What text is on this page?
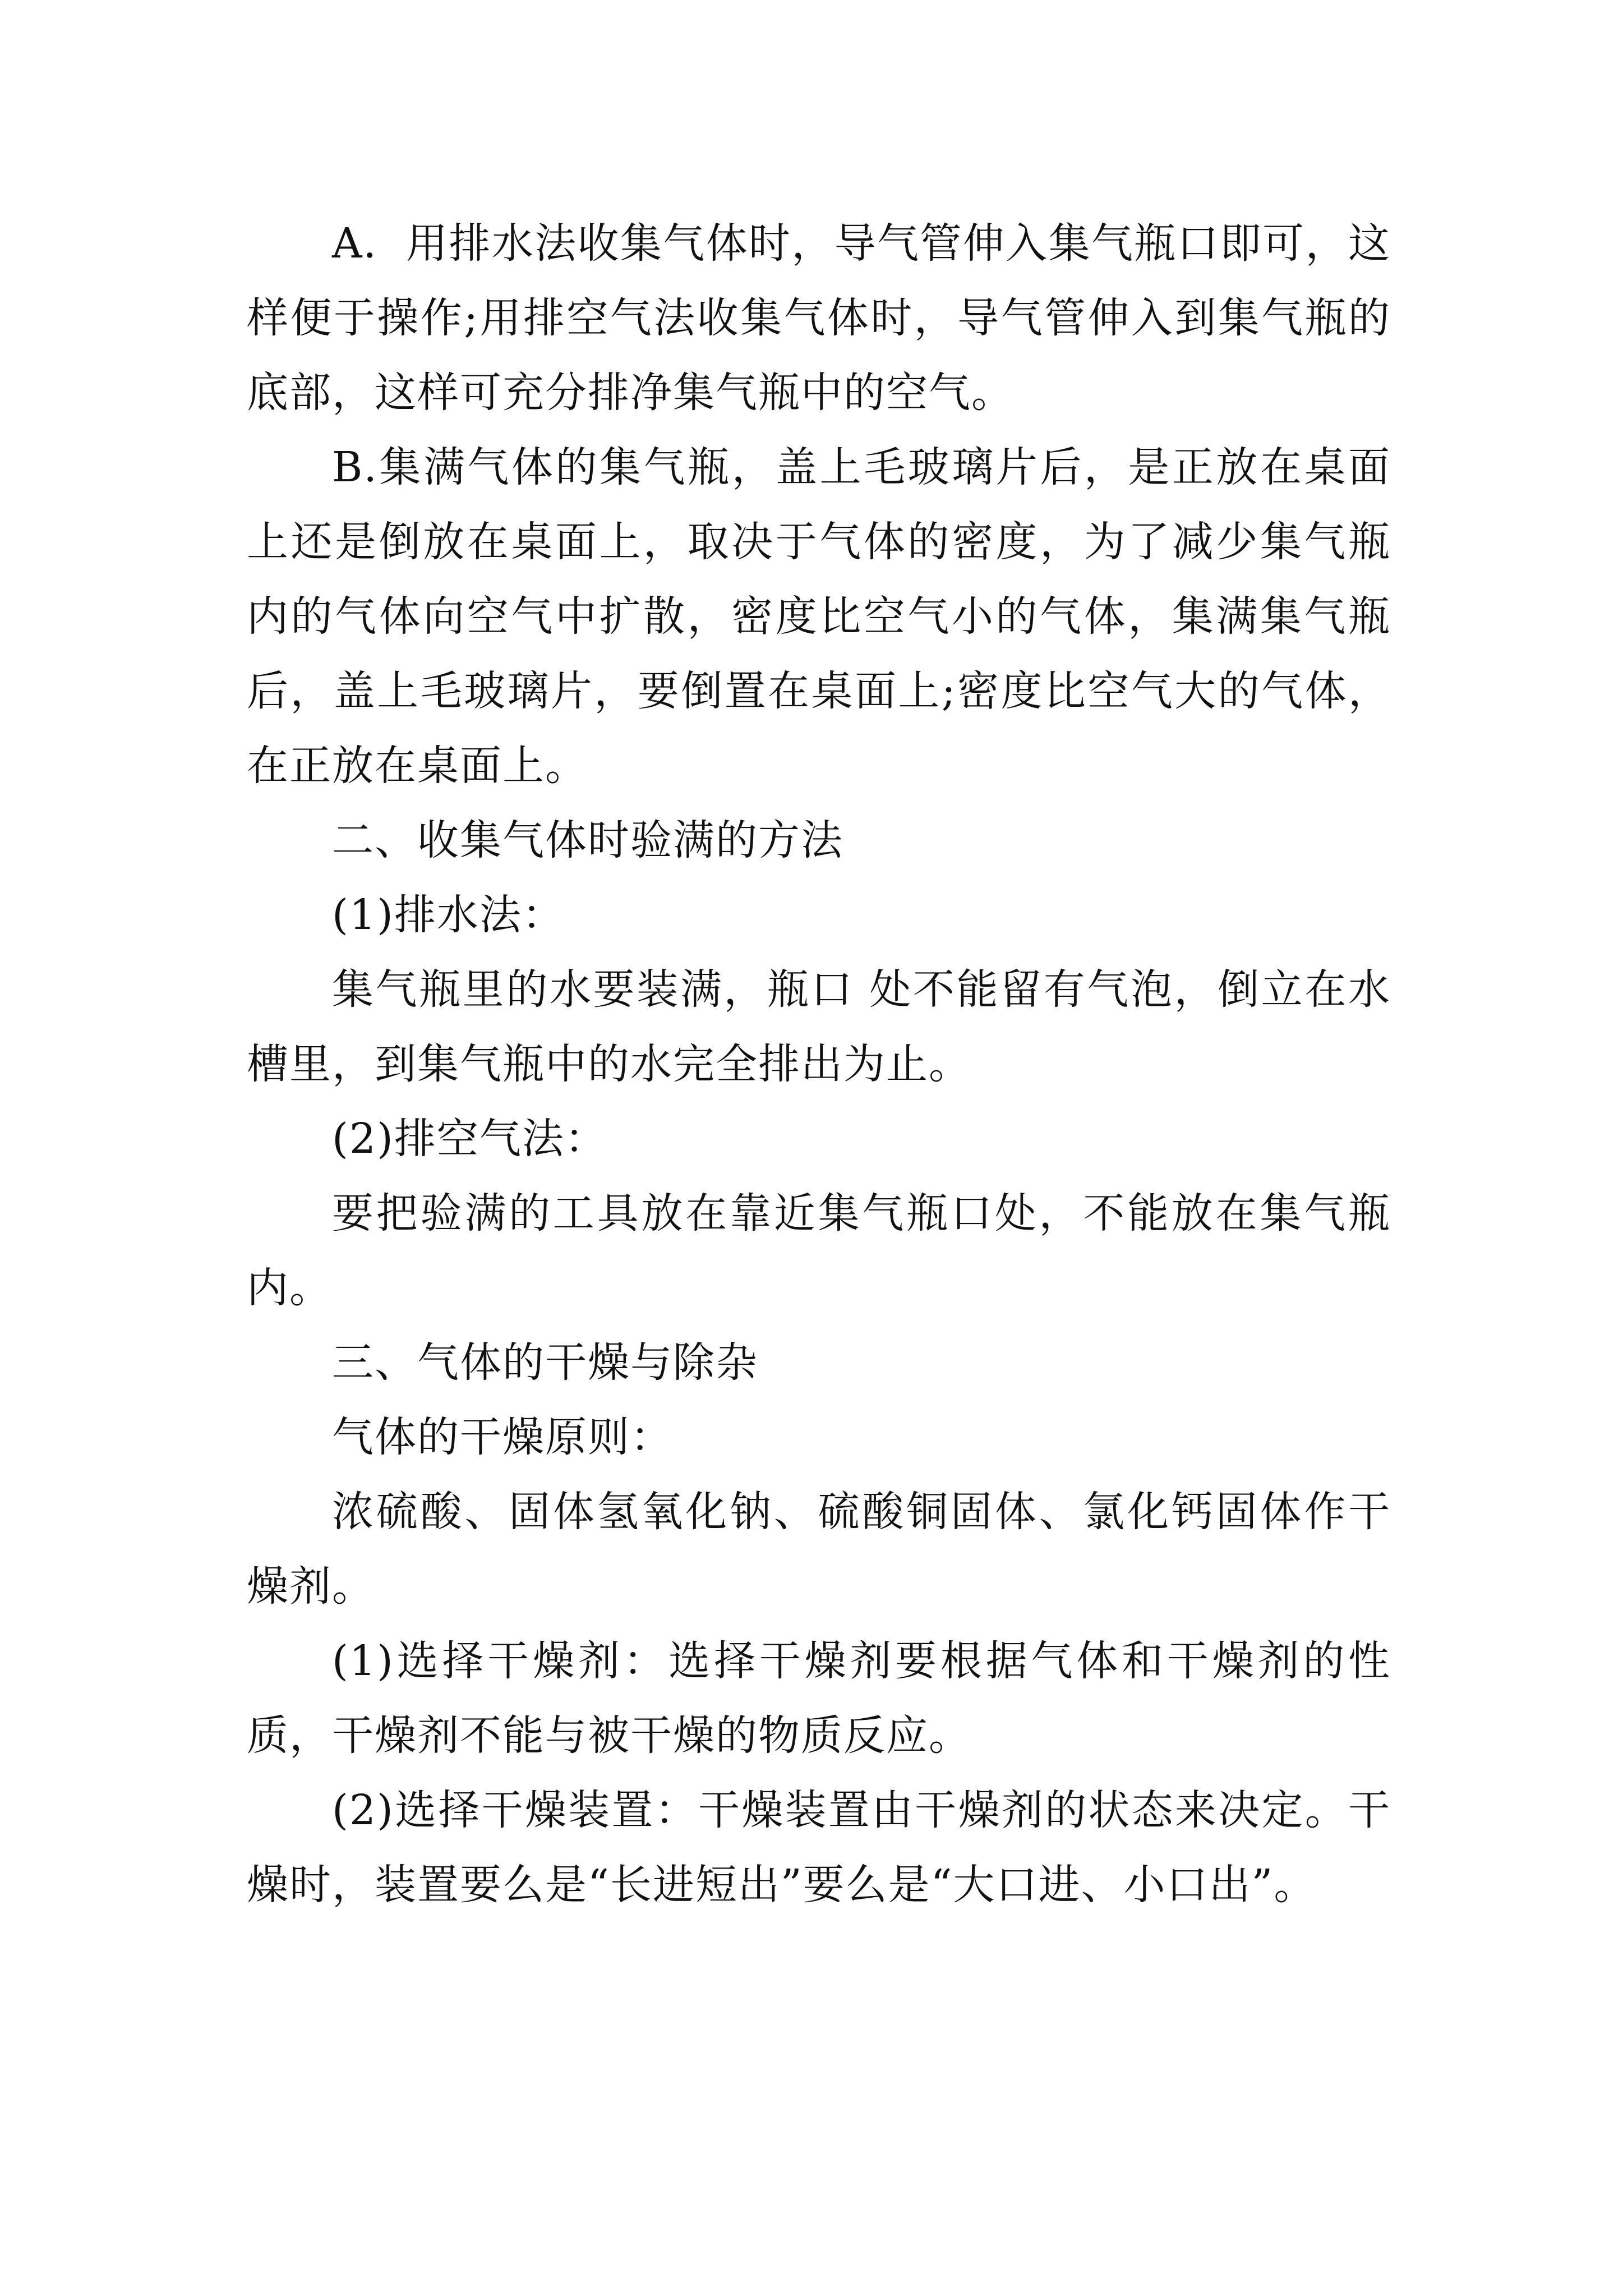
A．用排水法收集气体时，导气管伸入集气瓶口即可，这样便于操作;用排空气法收集气体时，导气管伸入到集气瓶的底部，这样可充分排净集气瓶中的空气。

B.集满气体的集气瓶，盖上毛玻璃片后，是正放在桌面上还是倒放在桌面上，取决于气体的密度，为了减少集气瓶内的气体向空气中扩散，密度比空气小的气体，集满集气瓶后，盖上毛玻璃片，要倒置在桌面上;密度比空气大的气体，在正放在桌面上。

二、收集气体时验满的方法

(1)排水法：

集气瓶里的水要装满，瓶口 处不能留有气泡，倒立在水槽里，到集气瓶中的水完全排出为止。

(2)排空气法：

要把验满的工具放在靠近集气瓶口处，不能放在集气瓶内。

三、气体的干燥与除杂

气体的干燥原则：

浓硫酸、固体氢氧化钠、硫酸铜固体、氯化钙固体作干燥剂。

(1)选择干燥剂：选择干燥剂要根据气体和干燥剂的性质，干燥剂不能与被干燥的物质反应。

(2)选择干燥装置：干燥装置由干燥剂的状态来决定。干燥时，装置要么是“长进短出”要么是“大口进、小口出”。
